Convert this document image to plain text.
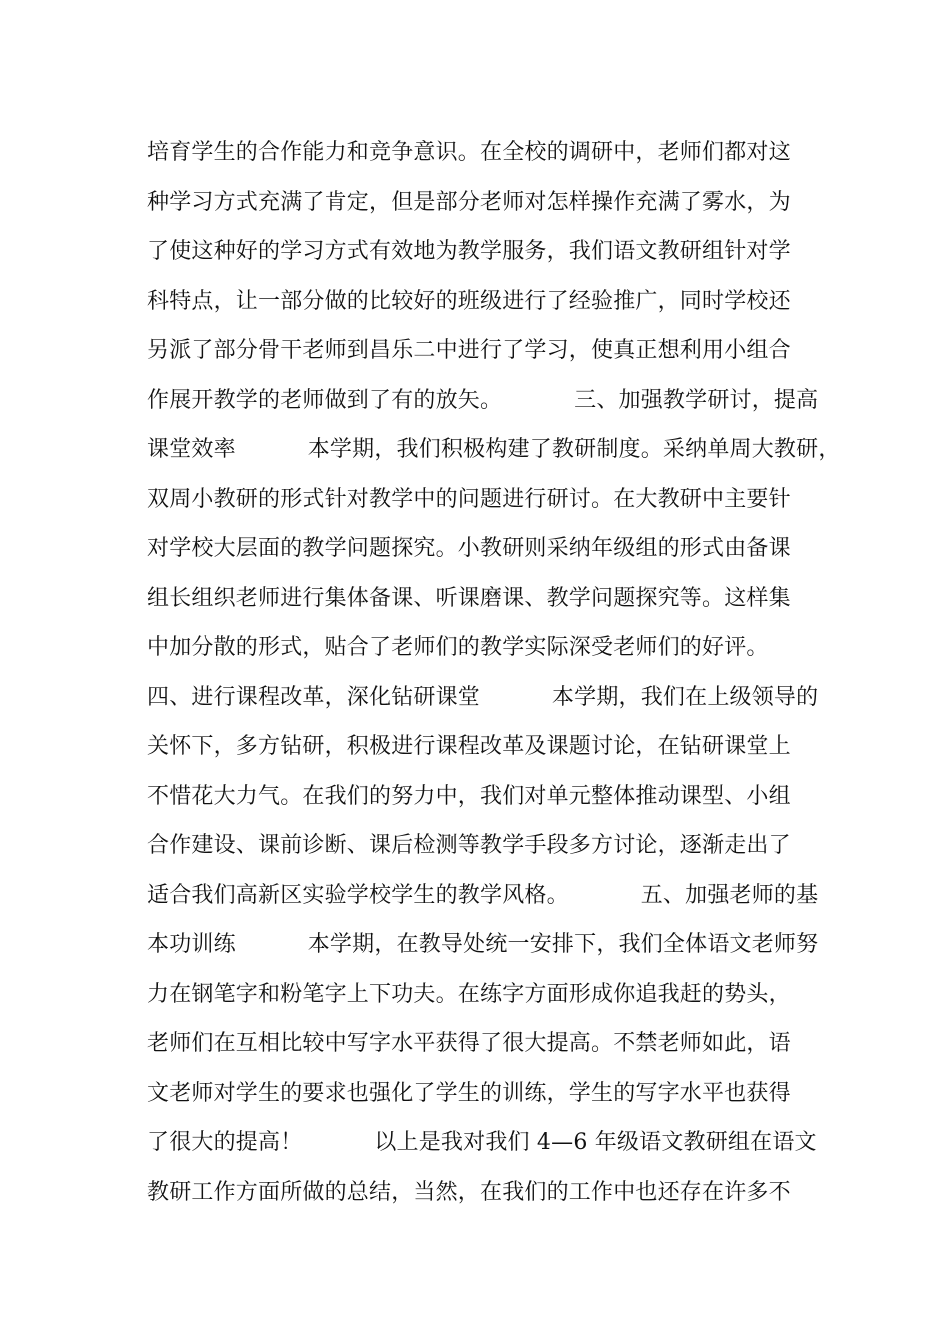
培育学生的合作能力和竞争意识。在全校的调研中，老师们都对这
种学习方式充满了肯定，但是部分老师对怎样操作充满了雾水，为
了使这种好的学习方式有效地为教学服务，我们语文教研组针对学
科特点，让一部分做的比较好的班级进行了经验推广，同时学校还
另派了部分骨干老师到昌乐二中进行了学习，使真正想利用小组合
作展开教学的老师做到了有的放矢。          三、加强教学研讨，提高
课堂效率          本学期，我们积极构建了教研制度。采纳单周大教研，
双周小教研的形式针对教学中的问题进行研讨。在大教研中主要针
对学校大层面的教学问题探究。小教研则采纳年级组的形式由备课
组长组织老师进行集体备课、听课磨课、教学问题探究等。这样集
中加分散的形式，贴合了老师们的教学实际深受老师们的好评。
四、进行课程改革，深化钻研课堂          本学期，我们在上级领导的
关怀下，多方钻研，积极进行课程改革及课题讨论，在钻研课堂上
不惜花大力气。在我们的努力中，我们对单元整体推动课型、小组
合作建设、课前诊断、课后检测等教学手段多方讨论，逐渐走出了
适合我们高新区实验学校学生的教学风格。          五、加强老师的基
本功训练          本学期，在教导处统一安排下，我们全体语文老师努
力在钢笔字和粉笔字上下功夫。在练字方面形成你追我赶的势头，
老师们在互相比较中写字水平获得了很大提高。不禁老师如此，语
文老师对学生的要求也强化了学生的训练，学生的写字水平也获得
了很大的提高！          以上是我对我们 4—6 年级语文教研组在语文
教研工作方面所做的总结，当然，在我们的工作中也还存在许多不
